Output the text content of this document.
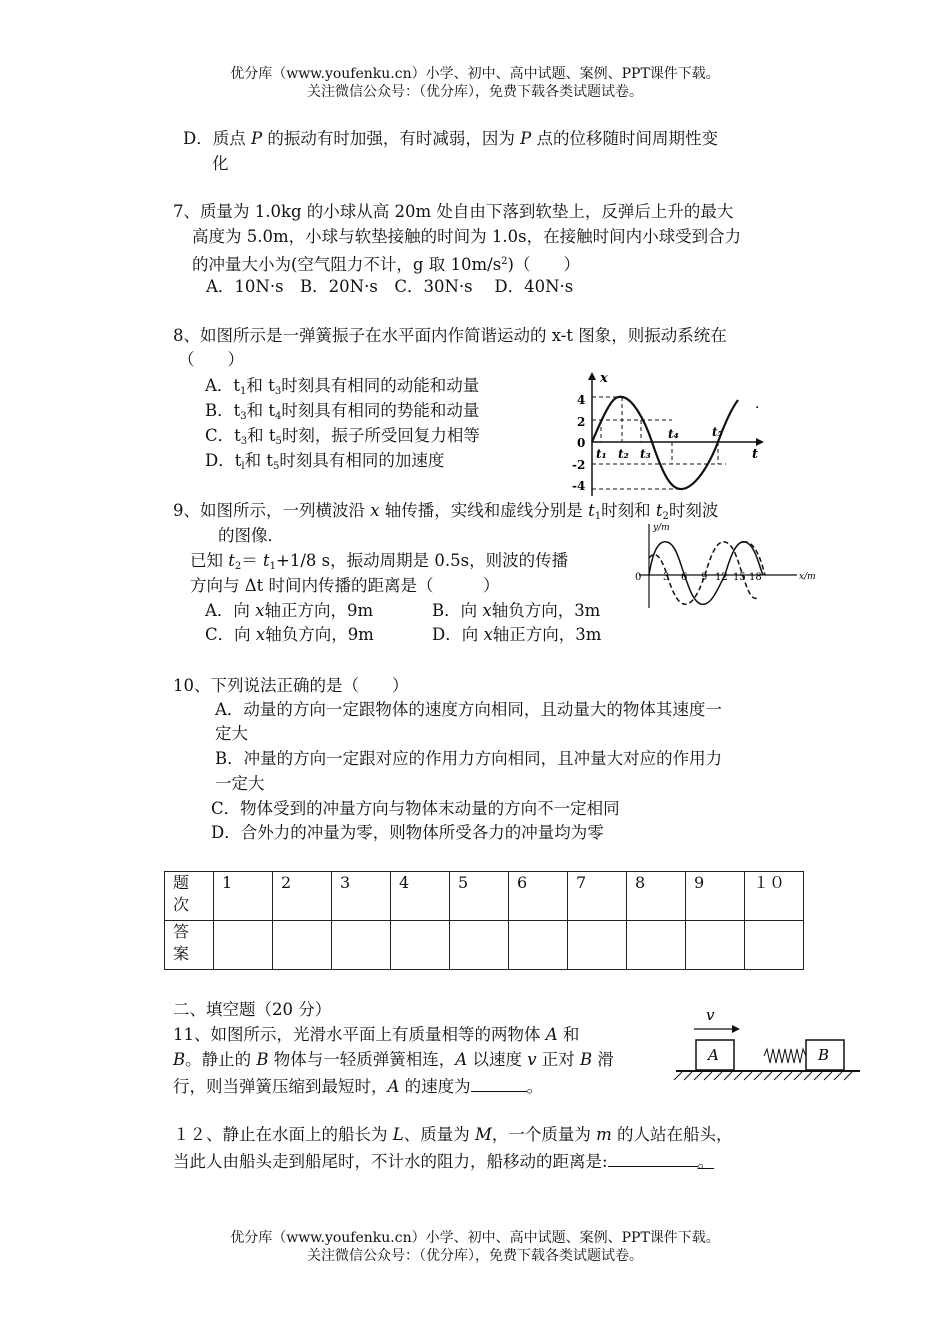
优分库（www.youfenku.cn）小学、初中、高中试题、案例、PPT课件下载。
关注微信公众号：（优分库），免费下载各类试题试卷。
D．质点 P 的振动有时加强，有时减弱，因为 P 点的位移随时间周期性变
化
7、质量为 1.0kg 的小球从高 20m 处自由下落到软垫上，反弹后上升的最大
高度为 5.0m，小球与软垫接触的时间为 1.0s，在接触时间内小球受到合力
的冲量大小为(空气阻力不计，g 取 $10m/s^2$)（　　）
A．10N·s　B．20N·s　C．30N·s　 D．40N·s
8、如图所示是一弹簧振子在水平面内作简谐运动的 x-t 图象，则振动系统在
（　　）
A．$t_1$和 $t_3$时刻具有相同的动能和动量
B．$t_3$和 $t_4$时刻具有相同的势能和动量
C．$t_3$和 $t_5$时刻，振子所受回复力相等
D．$t_l$和 $t_5$时刻具有相同的加速度
x
t
4
2
0
-2
-4
t₁ t₂ t₃
t₄	t₅
·
9、如图所示，一列横波沿 x 轴传播，实线和虚线分别是 $t_1$时刻和 $t_2$时刻波
的图像．
已知 $t_2= t_1+1/8$ s，振动周期是 0.5s，则波的传播
方向与 Δt 时间内传播的距离是（　　　）
A．向 x轴正方向，9m	B．向 x轴负方向，3m
C．向 x轴负方向，9m	D．向 x轴正方向，3m
y/m
x/m
0 3 6 9 12 15 18
10、下列说法正确的是（　　）
A．动量的方向一定跟物体的速度方向相同，且动量大的物体其速度一
定大
B．冲量的方向一定跟对应的作用力方向相同，且冲量大对应的作用力
一定大
C．物体受到的冲量方向与物体末动量的方向不一定相同
D．合外力的冲量为零，则物体所受各力的冲量均为零
题
次	1	2	3	4	5	6	7	8	9	１０
答
案										
二、填空题（20 分）
11、如图所示，光滑水平面上有质量相等的两物体 A 和
B。静止的 B 物体与一轻质弹簧相连，A 以速度 v 正对 B 滑
行，则当弹簧压缩到最短时，A 的速度为	。
v
A	B
１２、静止在水面上的船长为 L、质量为 M，一个质量为 m 的人站在船头，
当此人由船头走到船尾时，不计水的阻力，船移动的距离是:	。
优分库（www.youfenku.cn）小学、初中、高中试题、案例、PPT课件下载。
关注微信公众号：（优分库），免费下载各类试题试卷。
